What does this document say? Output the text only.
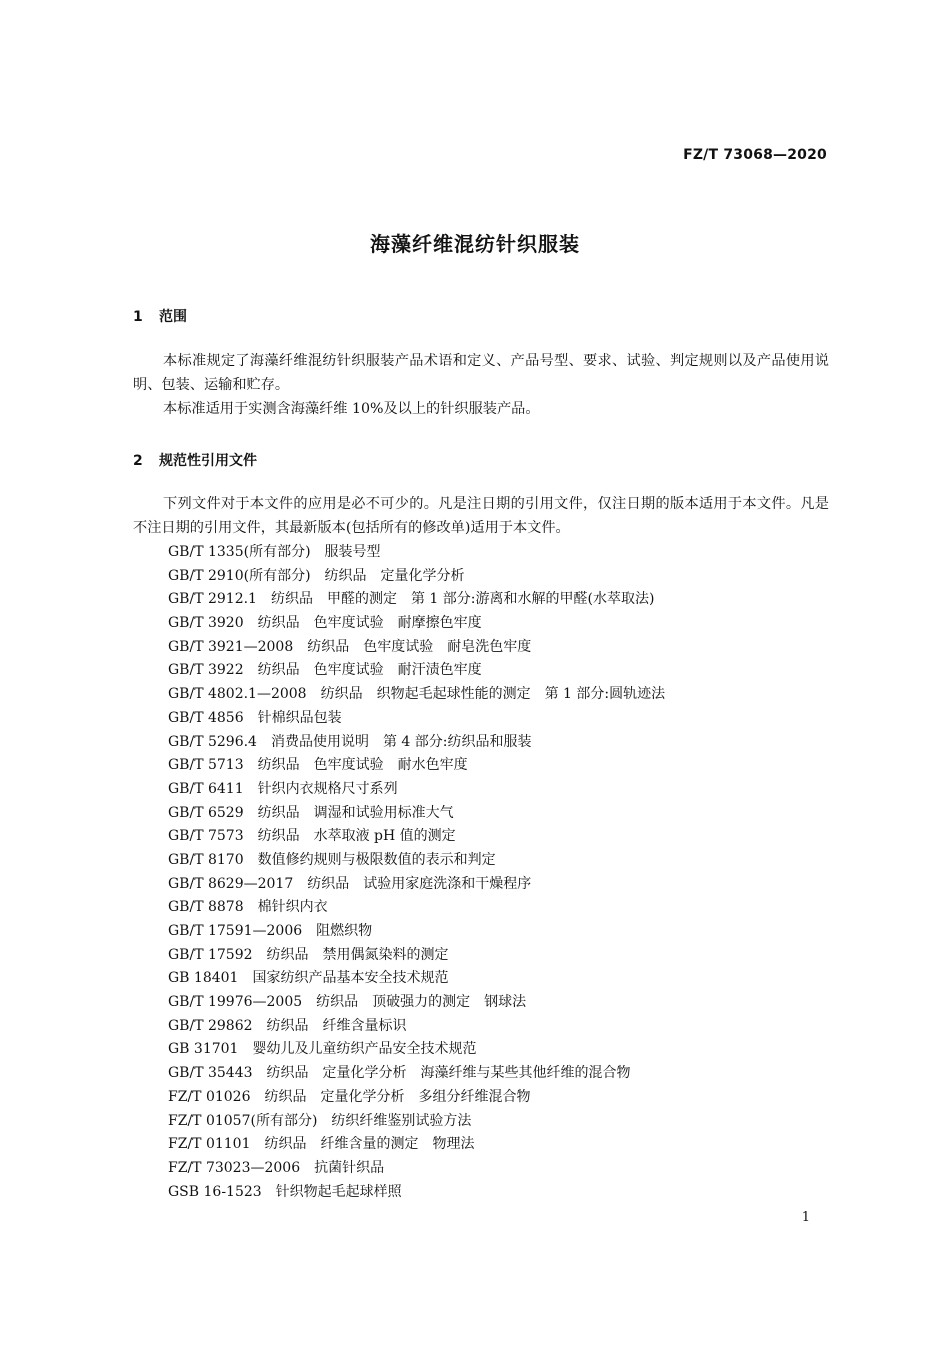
FZ/T 73068—2020
海藻纤维混纺针织服装
1 范围
本标准规定了海藻纤维混纺针织服装产品术语和定义、产品号型、要求、试验、判定规则以及产品使用说明、包装、运输和贮存。
本标准适用于实测含海藻纤维 10%及以上的针织服装产品。
2 规范性引用文件
下列文件对于本文件的应用是必不可少的。凡是注日期的引用文件，仅注日期的版本适用于本文件。凡是不注日期的引用文件，其最新版本(包括所有的修改单)适用于本文件。
GB/T 1335(所有部分)　服装号型
GB/T 2910(所有部分)　纺织品　定量化学分析
GB/T 2912.1　纺织品　甲醛的测定　第 1 部分:游离和水解的甲醛(水萃取法)
GB/T 3920　纺织品　色牢度试验　耐摩擦色牢度
GB/T 3921—2008　纺织品　色牢度试验　耐皂洗色牢度
GB/T 3922　纺织品　色牢度试验　耐汗渍色牢度
GB/T 4802.1—2008　纺织品　织物起毛起球性能的测定　第 1 部分:圆轨迹法
GB/T 4856　针棉织品包装
GB/T 5296.4　消费品使用说明　第 4 部分:纺织品和服装
GB/T 5713　纺织品　色牢度试验　耐水色牢度
GB/T 6411　针织内衣规格尺寸系列
GB/T 6529　纺织品　调湿和试验用标准大气
GB/T 7573　纺织品　水萃取液 pH 值的测定
GB/T 8170　数值修约规则与极限数值的表示和判定
GB/T 8629—2017　纺织品　试验用家庭洗涤和干燥程序
GB/T 8878　棉针织内衣
GB/T 17591—2006　阻燃织物
GB/T 17592　纺织品　禁用偶氮染料的测定
GB 18401　国家纺织产品基本安全技术规范
GB/T 19976—2005　纺织品　顶破强力的测定　钢球法
GB/T 29862　纺织品　纤维含量标识
GB 31701　婴幼儿及儿童纺织产品安全技术规范
GB/T 35443　纺织品　定量化学分析　海藻纤维与某些其他纤维的混合物
FZ/T 01026　纺织品　定量化学分析　多组分纤维混合物
FZ/T 01057(所有部分)　纺织纤维鉴别试验方法
FZ/T 01101　纺织品　纤维含量的测定　物理法
FZ/T 73023—2006　抗菌针织品
GSB 16-1523　针织物起毛起球样照
1
